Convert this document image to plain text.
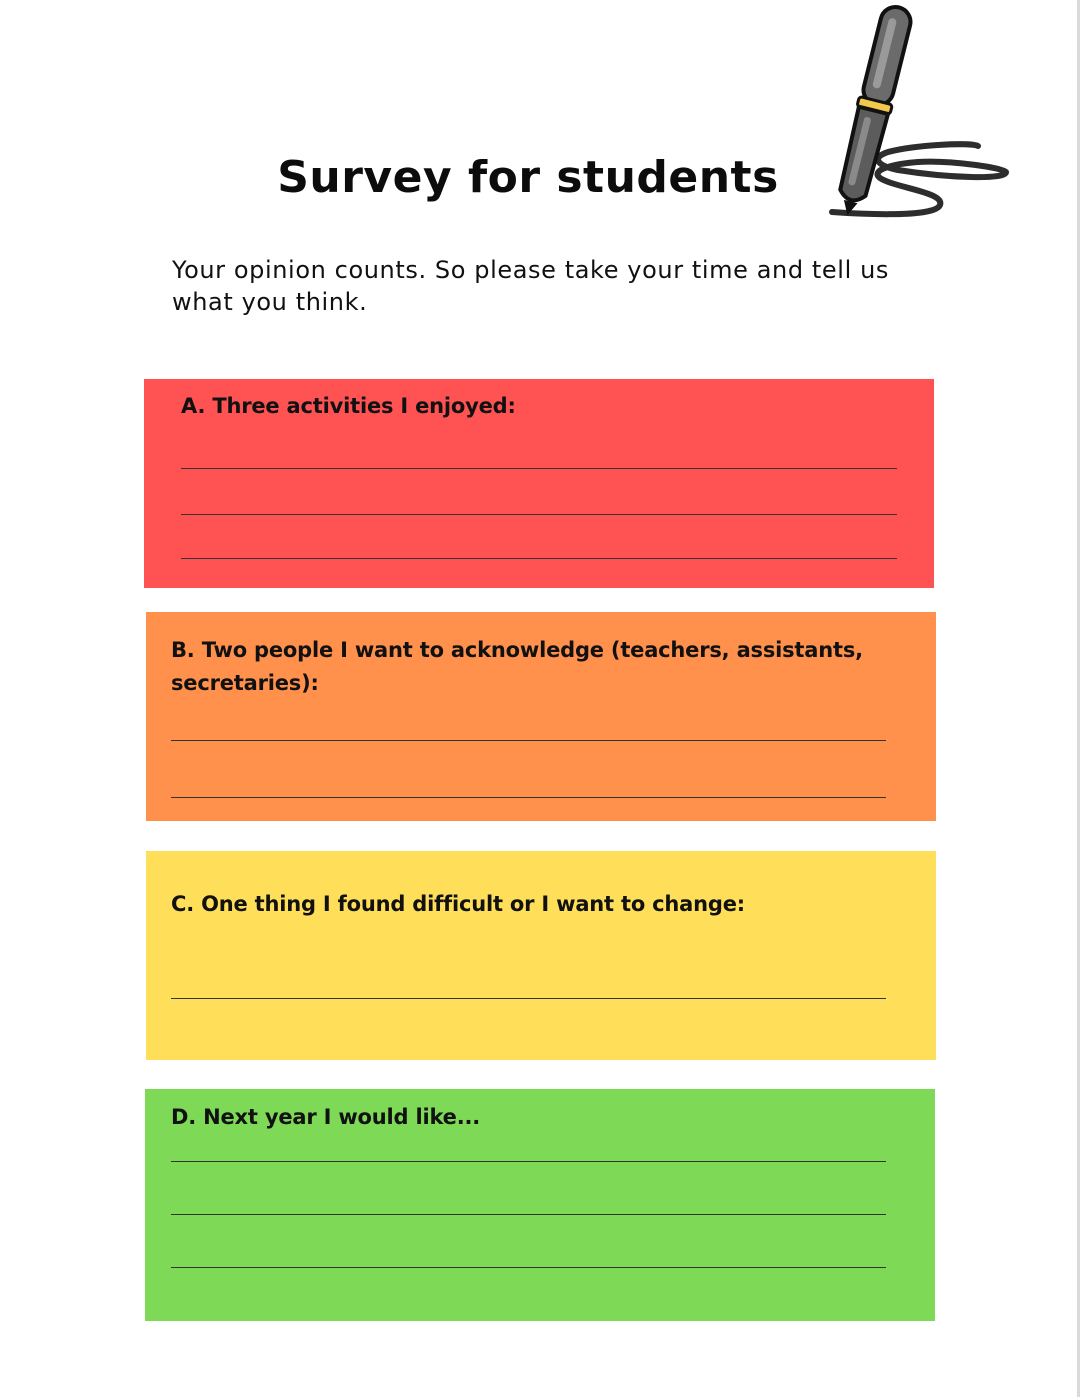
Survey for students
Your opinion counts. So please take your time and tell us what you think.
A. Three activities I enjoyed:
B. Two people I want to acknowledge (teachers, assistants, secretaries):
C. One thing I found difficult or I want to change:
D. Next year I would like...
